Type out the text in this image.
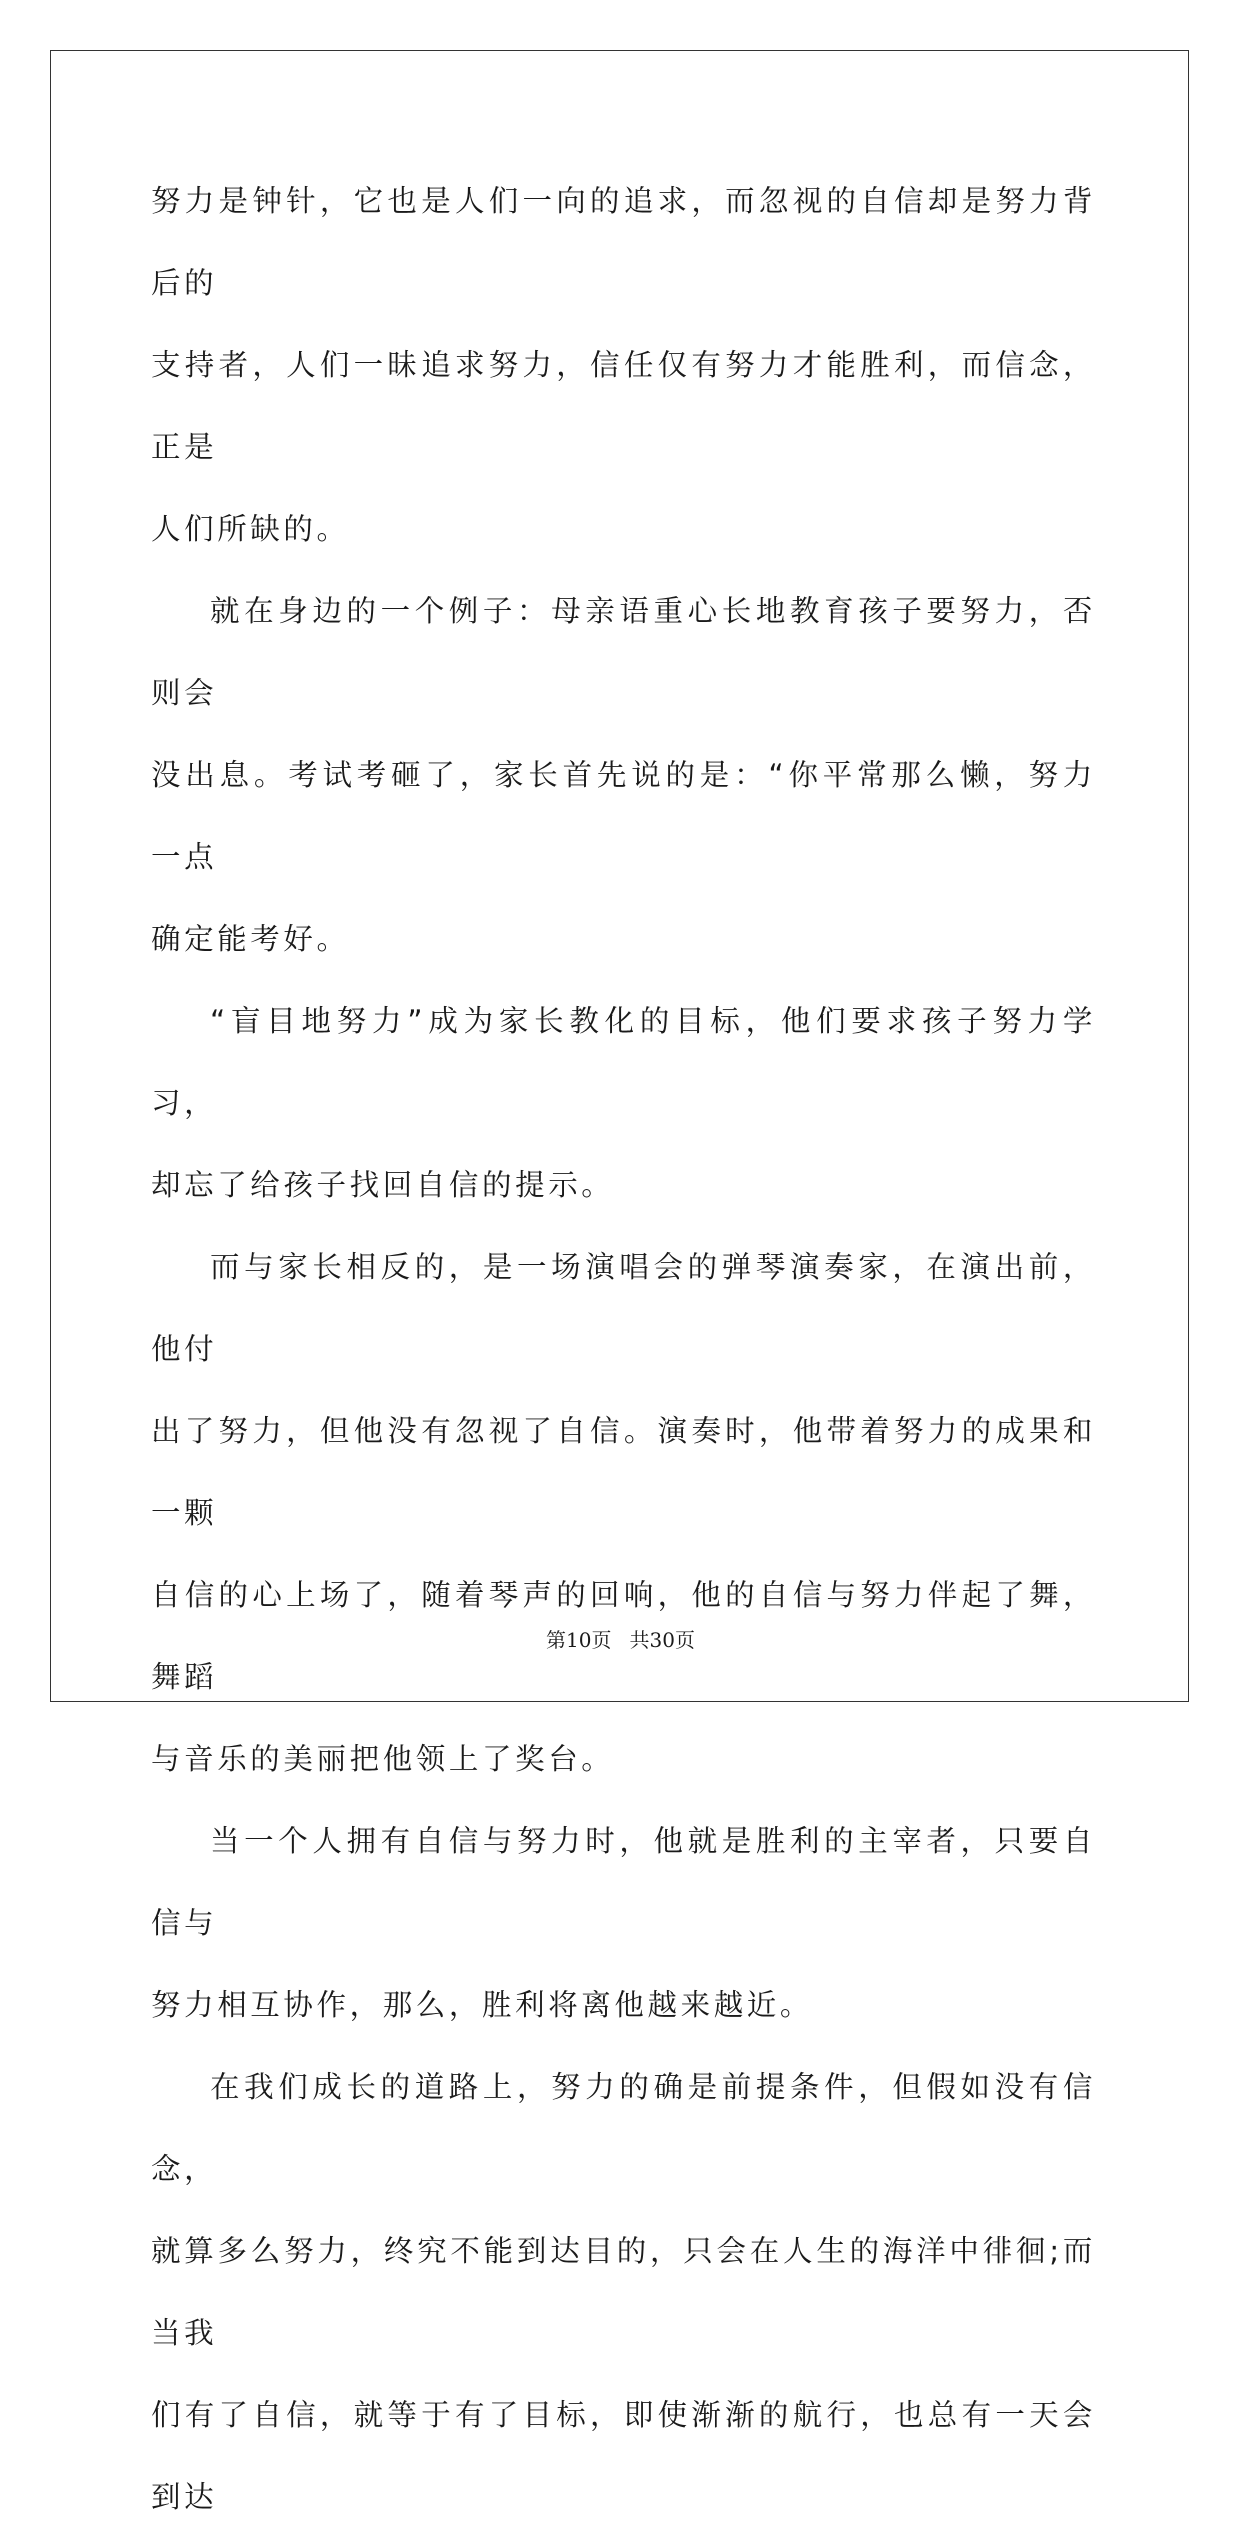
努力是钟针，它也是人们一向的追求，而忽视的自信却是努力背后的
支持者，人们一昧追求努力，信任仅有努力才能胜利，而信念，正是
人们所缺的。

就在身边的一个例子：母亲语重心长地教育孩子要努力，否则会
没出息。考试考砸了，家长首先说的是：“你平常那么懒，努力一点
确定能考好。

“盲目地努力”成为家长教化的目标，他们要求孩子努力学习，
却忘了给孩子找回自信的提示。

而与家长相反的，是一场演唱会的弹琴演奏家，在演出前，他付
出了努力，但他没有忽视了自信。演奏时，他带着努力的成果和一颗
自信的心上场了，随着琴声的回响，他的自信与努力伴起了舞，舞蹈
与音乐的美丽把他领上了奖台。

当一个人拥有自信与努力时，他就是胜利的主宰者，只要自信与
努力相互协作，那么，胜利将离他越来越近。

在我们成长的道路上，努力的确是前提条件，但假如没有信念，
就算多么努力，终究不能到达目的，只会在人生的海洋中徘徊;而当我
们有了自信，就等于有了目标，即使渐渐的航行，也总有一天会到达

第10页 共30页
